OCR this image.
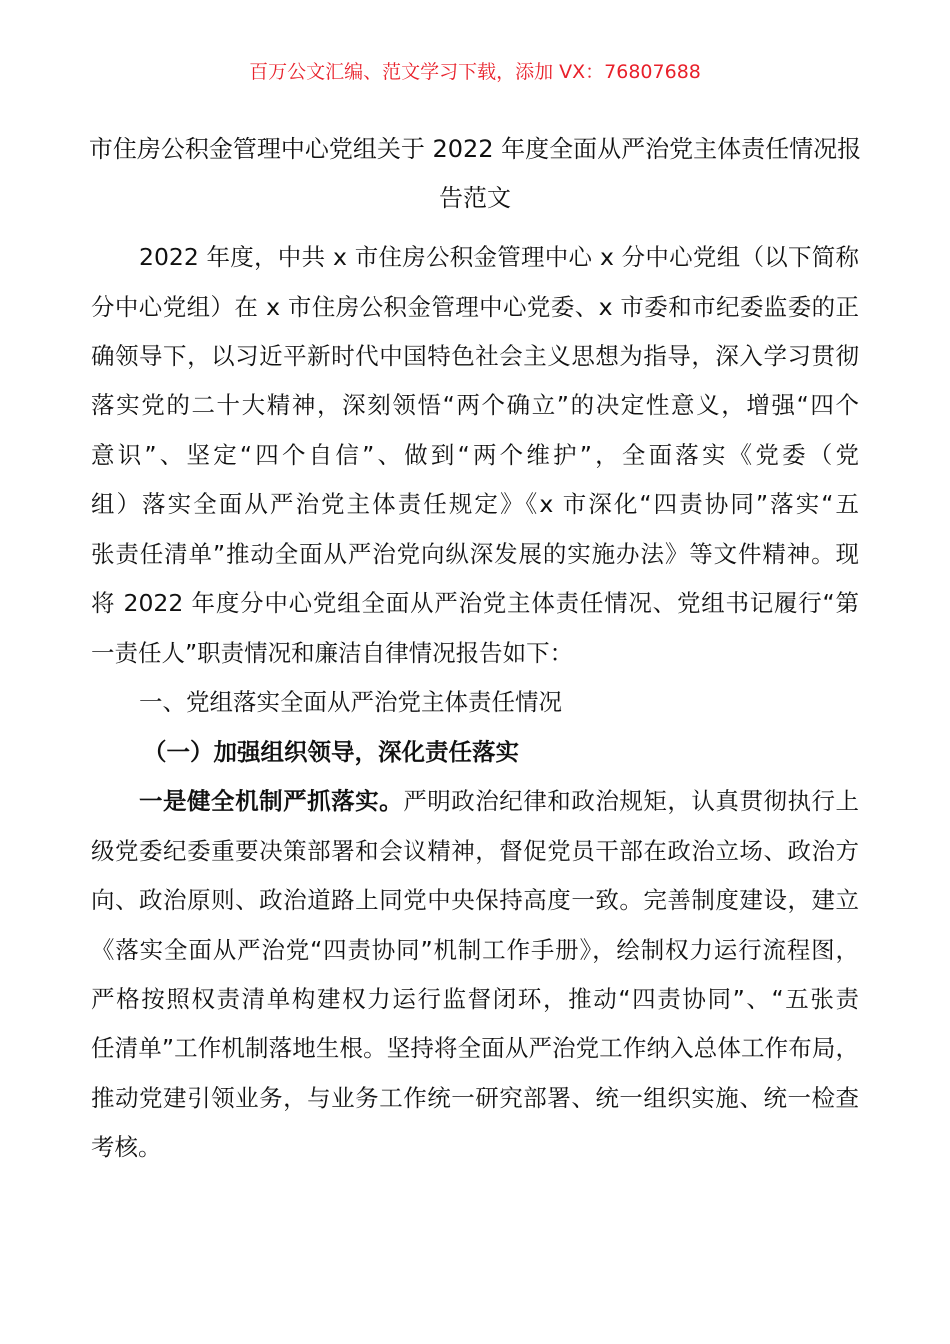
百万公文汇编、范文学习下载，添加 VX：76807688
市住房公积金管理中心党组关于 2022 年度全面从严治党主体责任情况报
告范文
2022 年度，中共 x 市住房公积金管理中心 x 分中心党组（以下简称
分中心党组）在 x 市住房公积金管理中心党委、x 市委和市纪委监委的正
确领导下，以习近平新时代中国特色社会主义思想为指导，深入学习贯彻
落实党的二十大精神，深刻领悟“两个确立”的决定性意义，增强“四个
意识”、坚定“四个自信”、做到“两个维护”，全面落实《党委（党
组）落实全面从严治党主体责任规定》《x 市深化“四责协同”落实“五
张责任清单”推动全面从严治党向纵深发展的实施办法》等文件精神。现
将 2022 年度分中心党组全面从严治党主体责任情况、党组书记履行“第
一责任人”职责情况和廉洁自律情况报告如下：
一、党组落实全面从严治党主体责任情况
（一）加强组织领导，深化责任落实
一是健全机制严抓落实。严明政治纪律和政治规矩，认真贯彻执行上
级党委纪委重要决策部署和会议精神，督促党员干部在政治立场、政治方
向、政治原则、政治道路上同党中央保持高度一致。完善制度建设，建立
《落实全面从严治党“四责协同”机制工作手册》，绘制权力运行流程图，
严格按照权责清单构建权力运行监督闭环，推动“四责协同”、“五张责
任清单”工作机制落地生根。坚持将全面从严治党工作纳入总体工作布局，
推动党建引领业务，与业务工作统一研究部署、统一组织实施、统一检查
考核。
